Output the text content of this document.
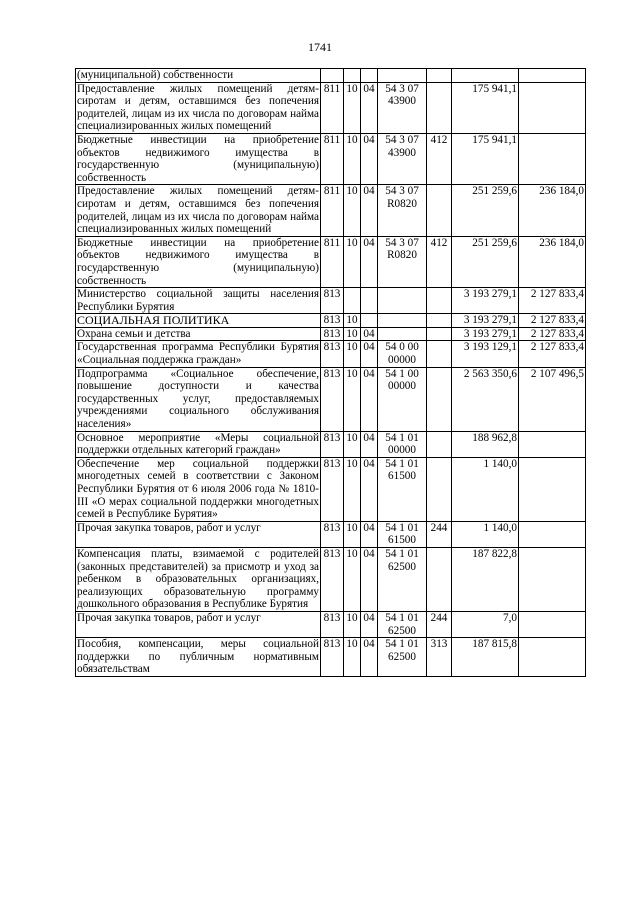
1741
(муниципальной) собственности							
Предоставление жилых помещений детям-сиротам и детям, оставшимся без попечения родителей, лицам из их числа по договорам найма специализированных жилых помещений	811	10	04	54 3 07 43900		175 941,1	
Бюджетные инвестиции на приобретение объектов недвижимого имущества в государственную (муниципальную) собственность	811	10	04	54 3 07 43900	412	175 941,1	
Предоставление жилых помещений детям-сиротам и детям, оставшимся без попечения родителей, лицам из их числа по договорам найма специализированных жилых помещений	811	10	04	54 3 07 R0820		251 259,6	236 184,0
Бюджетные инвестиции на приобретение объектов недвижимого имущества в государственную (муниципальную) собственность	811	10	04	54 3 07 R0820	412	251 259,6	236 184,0
Министерство социальной защиты населения Республики Бурятия	813					3 193 279,1	2 127 833,4
СОЦИАЛЬНАЯ ПОЛИТИКА	813	10				3 193 279,1	2 127 833,4
Охрана семьи и детства	813	10	04			3 193 279,1	2 127 833,4
Государственная программа Республики Бурятия «Социальная поддержка граждан»	813	10	04	54 0 00 00000		3 193 129,1	2 127 833,4
Подпрограмма «Социальное обеспечение, повышение доступности и качества государственных услуг, предоставляемых учреждениями социального обслуживания населения»	813	10	04	54 1 00 00000		2 563 350,6	2 107 496,5
Основное мероприятие «Меры социальной поддержки отдельных категорий граждан»	813	10	04	54 1 01 00000		188 962,8	
Обеспечение мер социальной поддержки многодетных семей в соответствии с Законом Республики Бурятия от 6 июля 2006 года № 1810-III «О мерах социальной поддержки многодетных семей в Республике Бурятия»	813	10	04	54 1 01 61500		1 140,0	
Прочая закупка товаров, работ и услуг	813	10	04	54 1 01 61500	244	1 140,0	
Компенсация платы, взимаемой с родителей (законных представителей) за присмотр и уход за ребенком в образовательных организациях, реализующих образовательную программу дошкольного образования в Республике Бурятия	813	10	04	54 1 01 62500		187 822,8	
Прочая закупка товаров, работ и услуг	813	10	04	54 1 01 62500	244	7,0	
Пособия, компенсации, меры социальной поддержки по публичным нормативным обязательствам	813	10	04	54 1 01 62500	313	187 815,8	
